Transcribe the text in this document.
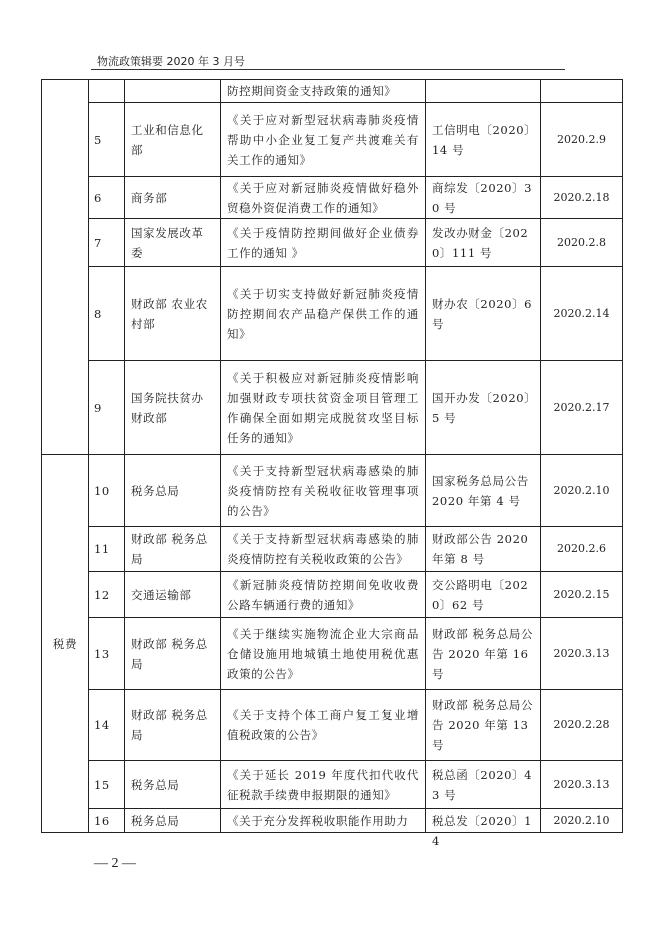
物流政策辑要 2020 年 3 月号
			防控期间资金支持政策的通知》		
	5	工业和信息化部	《关于应对新型冠状病毒肺炎疫情帮助中小企业复工复产共渡难关有关工作的通知》	工信明电〔2020〕14 号	2020.2.9
	6	商务部	《关于应对新冠肺炎疫情做好稳外贸稳外资促消费工作的通知》	商综发〔2020〕30 号	2020.2.18
	7	国家发展改革委	《关于疫情防控期间做好企业债券工作的通知 》	发改办财金〔2020〕111 号	2020.2.8
	8	财政部 农业农村部	《关于切实支持做好新冠肺炎疫情防控期间农产品稳产保供工作的通知》	财办农〔2020〕6 号	2020.2.14
	9	国务院扶贫办 财政部	《关于积极应对新冠肺炎疫情影响加强财政专项扶贫资金项目管理工作确保全面如期完成脱贫攻坚目标任务的通知》	国开办发〔2020〕5 号	2020.2.17
税费	10	税务总局	《关于支持新型冠状病毒感染的肺炎疫情防控有关税收征收管理事项的公告》	国家税务总局公告 2020 年第 4 号	2020.2.10
	11	财政部 税务总局	《关于支持新型冠状病毒感染的肺炎疫情防控有关税收政策的公告》	财政部公告 2020 年第 8 号	2020.2.6
	12	交通运输部	《新冠肺炎疫情防控期间免收收费公路车辆通行费的通知》	交公路明电〔2020〕62 号	2020.2.15
	13	财政部 税务总局	《关于继续实施物流企业大宗商品仓储设施用地城镇土地使用税优惠政策的公告》	财政部 税务总局公告 2020 年第 16 号	2020.3.13
	14	财政部 税务总局	《关于支持个体工商户复工复业增值税政策的公告》	财政部 税务总局公告 2020 年第 13 号	2020.2.28
	15	税务总局	《关于延长 2019 年度代扣代收代征税款手续费申报期限的通知》	税总函〔2020〕43 号	2020.3.13
	16	税务总局	《关于充分发挥税收职能作用助力	税总发〔2020〕14	2020.2.10
— 2 —
